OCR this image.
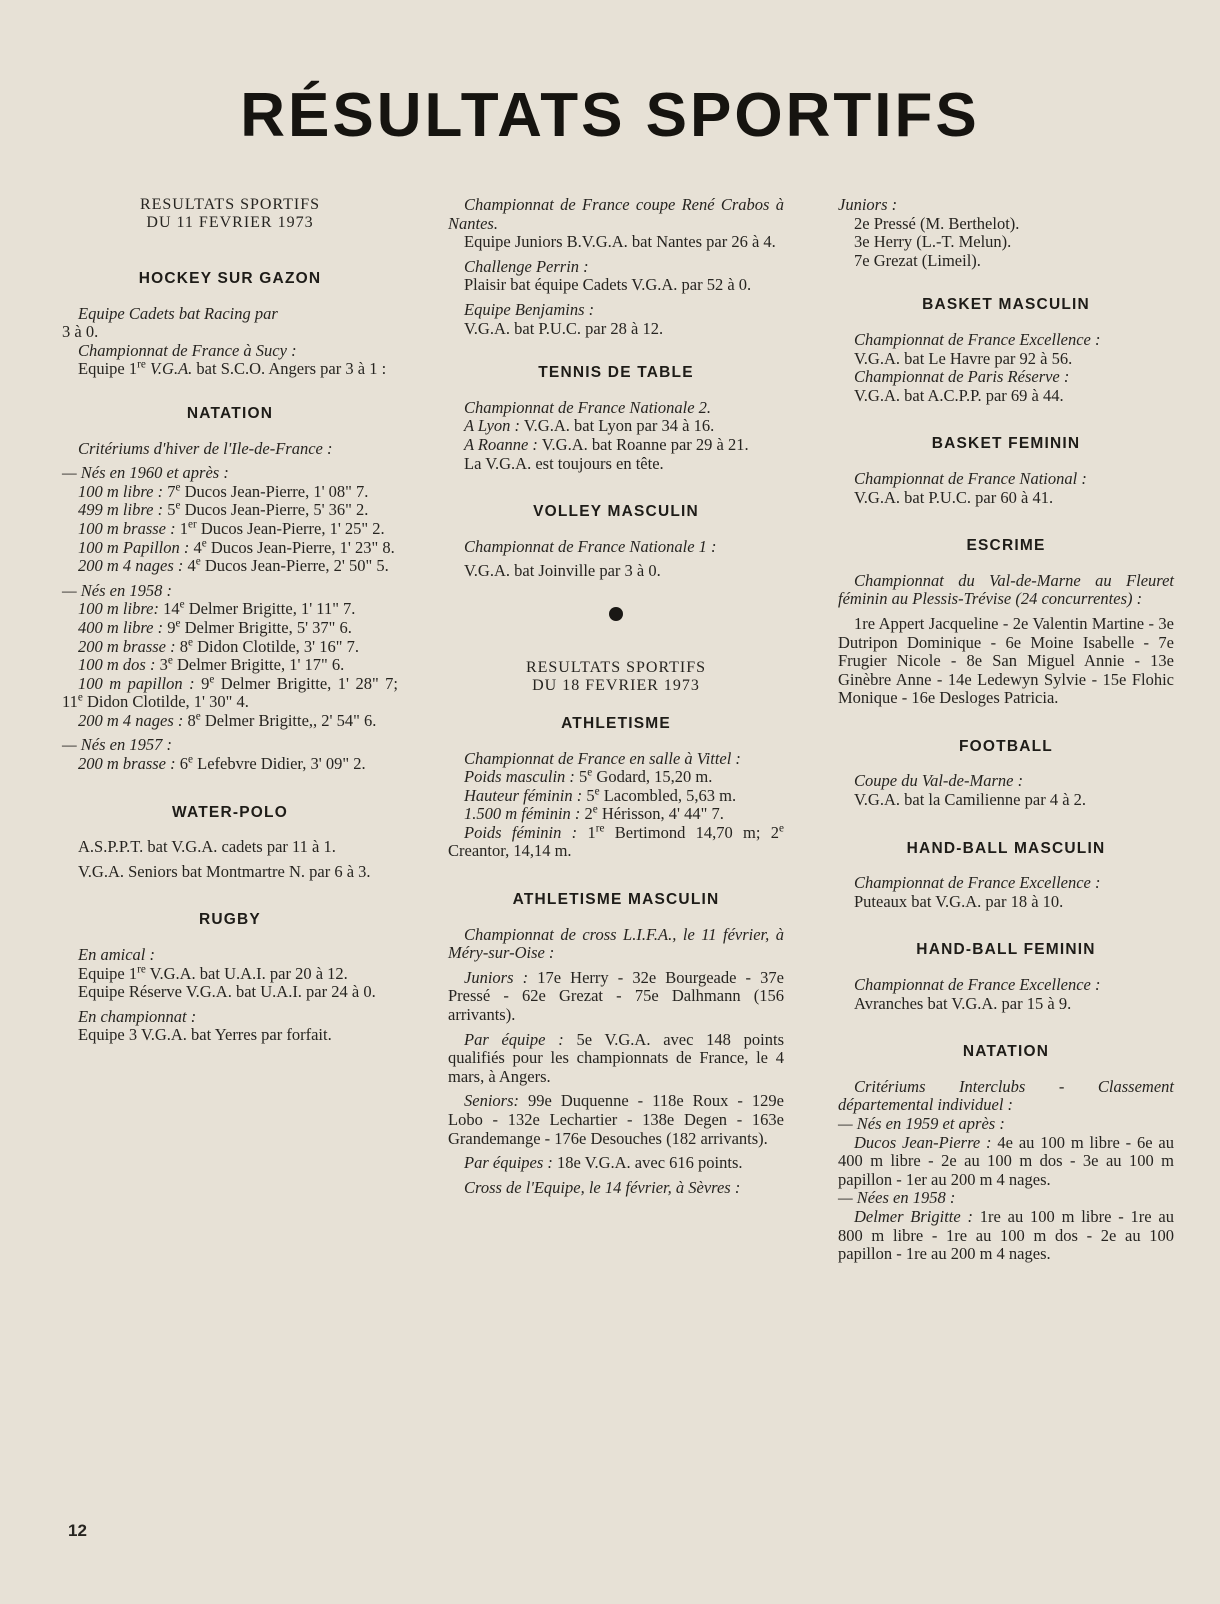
RÉSULTATS SPORTIFS
RESULTATS SPORTIFS
DU 11 FEVRIER 1973
HOCKEY SUR GAZON

Equipe Cadets bat Racing par

3 à 0.

Championnat de France à Sucy :

Equipe 1re V.G.A. bat S.C.O. Angers par 3 à 1 :

NATATION

Critériums d'hiver de l'Ile-de-France :

— Nés en 1960 et après :

100 m libre : 7e Ducos Jean-Pierre, 1' 08" 7.

499 m libre : 5e Ducos Jean-Pierre, 5' 36" 2.

100 m brasse : 1er Ducos Jean-Pierre, 1' 25" 2.

100 m Papillon : 4e Ducos Jean-Pierre, 1' 23" 8.

200 m 4 nages : 4e Ducos Jean-Pierre, 2' 50" 5.

— Nés en 1958 :

100 m libre: 14e Delmer Brigitte, 1' 11" 7.

400 m libre : 9e Delmer Brigitte, 5' 37" 6.

200 m brasse : 8e Didon Clotilde, 3' 16" 7.

100 m dos : 3e Delmer Brigitte, 1' 17" 6.

100 m papillon : 9e Delmer Brigitte, 1' 28" 7; 11e Didon Clotilde, 1' 30" 4.

200 m 4 nages : 8e Delmer Brigitte,, 2' 54" 6.

— Nés en 1957 :

200 m brasse : 6e Lefebvre Didier, 3' 09" 2.

WATER-POLO

A.S.P.P.T. bat V.G.A. cadets par 11 à 1.

V.G.A. Seniors bat Montmartre N. par 6 à 3.

RUGBY

En amical :

Equipe 1re V.G.A. bat U.A.I. par 20 à 12.

Equipe Réserve V.G.A. bat U.A.I. par 24 à 0.

En championnat :

Equipe 3 V.G.A. bat Yerres par forfait.

Championnat de France coupe René Crabos à Nantes.

Equipe Juniors B.V.G.A. bat Nantes par 26 à 4.

Challenge Perrin :

Plaisir bat équipe Cadets V.G.A. par 52 à 0.

Equipe Benjamins :

V.G.A. bat P.U.C. par 28 à 12.

TENNIS DE TABLE

Championnat de France Nationale 2.

A Lyon : V.G.A. bat Lyon par 34 à 16.

A Roanne : V.G.A. bat Roanne par 29 à 21.

La V.G.A. est toujours en tête.

VOLLEY MASCULIN

Championnat de France Nationale 1 :

V.G.A. bat Joinville par 3 à 0.

RESULTATS SPORTIFS
DU 18 FEVRIER 1973
ATHLETISME

Championnat de France en salle à Vittel :

Poids masculin : 5e Godard, 15,20 m.

Hauteur féminin : 5e Lacombled, 5,63 m.

1.500 m féminin : 2e Hérisson, 4' 44" 7.

Poids féminin : 1re Bertimond 14,70 m; 2e Creantor, 14,14 m.

ATHLETISME MASCULIN

Championnat de cross L.I.F.A., le 11 février, à Méry-sur-Oise :

Juniors : 17e Herry - 32e Bourgeade - 37e Pressé - 62e Grezat - 75e Dalhmann (156 arrivants).

Par équipe : 5e V.G.A. avec 148 points qualifiés pour les championnats de France, le 4 mars, à Angers.

Seniors: 99e Duquenne - 118e Roux - 129e Lobo - 132e Lechartier - 138e Degen - 163e Grandemange - 176e Desouches (182 arrivants).

Par équipes : 18e V.G.A. avec 616 points.

Cross de l'Equipe, le 14 février, à Sèvres :

Juniors :

2e Pressé (M. Berthelot).

3e Herry (L.-T. Melun).

7e Grezat (Limeil).

BASKET MASCULIN

Championnat de France Excellence :

V.G.A. bat Le Havre par 92 à 56.

Championnat de Paris Réserve :

V.G.A. bat A.C.P.P. par 69 à 44.

BASKET FEMININ

Championnat de France National :

V.G.A. bat P.U.C. par 60 à 41.

ESCRIME

Championnat du Val-de-Marne au Fleuret féminin au Plessis-Trévise (24 concurrentes) :

1re Appert Jacqueline - 2e Valentin Martine - 3e Dutripon Dominique - 6e Moine Isabelle - 7e Frugier Nicole - 8e San Miguel Annie - 13e Ginèbre Anne - 14e Ledewyn Sylvie - 15e Flohic Monique - 16e Desloges Patricia.

FOOTBALL

Coupe du Val-de-Marne :

V.G.A. bat la Camilienne par 4 à 2.

HAND-BALL MASCULIN

Championnat de France Excellence :

Puteaux bat V.G.A. par 18 à 10.

HAND-BALL FEMININ

Championnat de France Excellence :

Avranches bat V.G.A. par 15 à 9.

NATATION

Critériums Interclubs - Classement départemental individuel :

— Nés en 1959 et après :

Ducos Jean-Pierre : 4e au 100 m libre - 6e au 400 m libre - 2e au 100 m dos - 3e au 100 m papillon - 1er au 200 m 4 nages.

— Nées en 1958 :

Delmer Brigitte : 1re au 100 m libre - 1re au 800 m libre - 1re au 100 m dos - 2e au 100 papillon - 1re au 200 m 4 nages.

12
